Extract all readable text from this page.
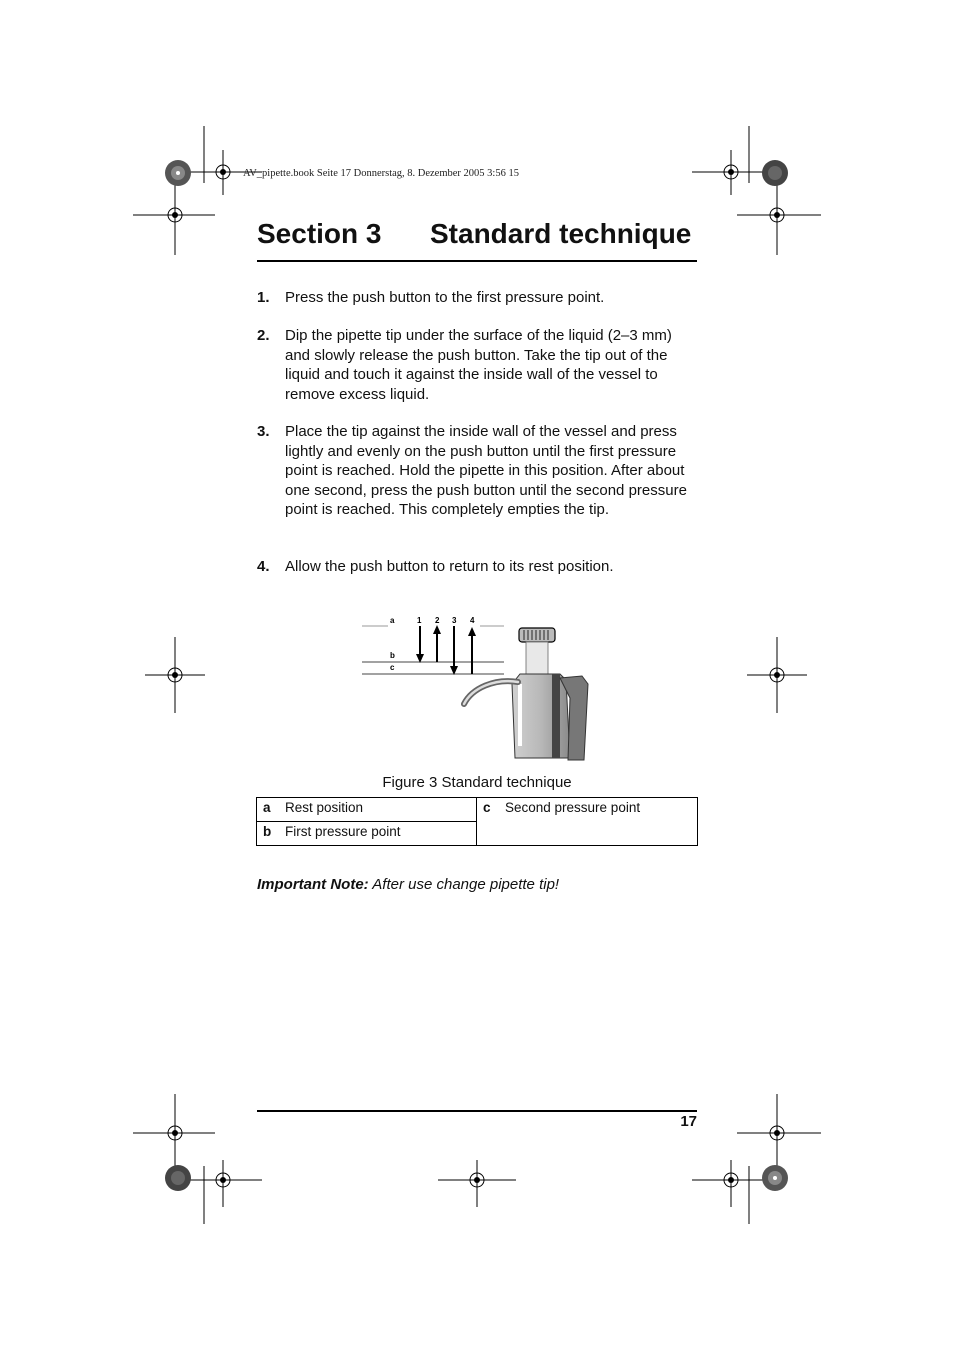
AV_pipette.book Seite 17 Donnerstag, 8. Dezember 2005 3:56 15
Section 3 Standard technique
1. Press the push button to the first pressure point.
2. Dip the pipette tip under the surface of the liquid (2–3 mm) and slowly release the push button. Take the tip out of the liquid and touch it against the inside wall of the vessel to remove excess liquid.
3. Place the tip against the inside wall of the vessel and press lightly and evenly on the push button until the first pressure point is reached. Hold the pipette in this position. After about one second, press the push button until the second pressure point is reached. This completely empties the tip.
4. Allow the push button to return to its rest position.
a
b
c
1 2 3 4
Figure 3 Standard technique
a Rest position	c Second pressure point
b First pressure point
Important Note: After use change pipette tip!
17
